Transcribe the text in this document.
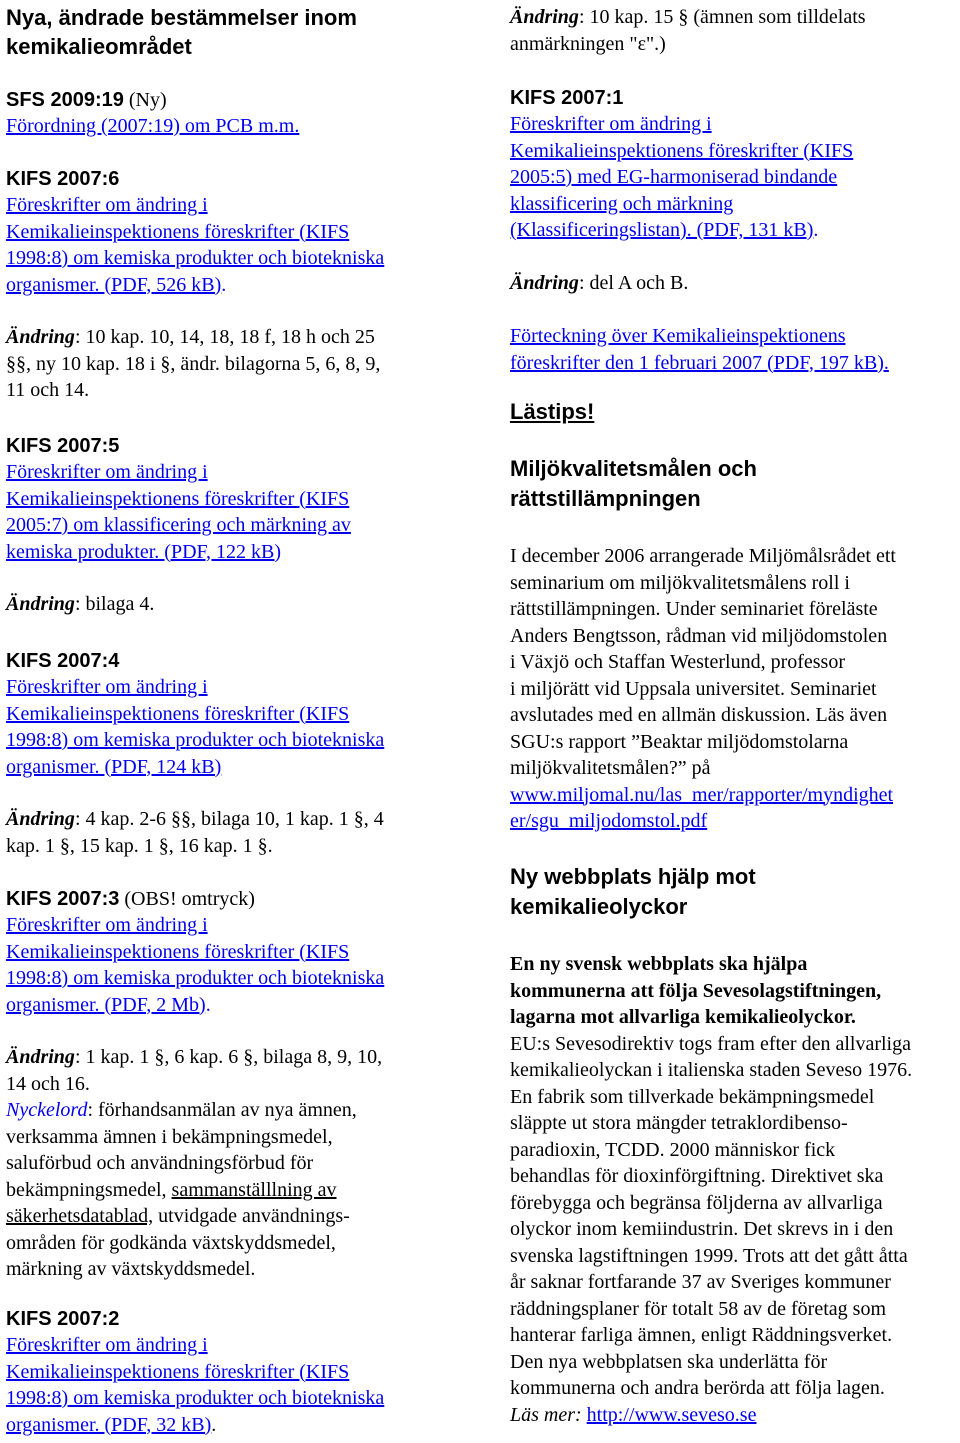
Nya, ändrade bestämmelser inom
kemikalieområdet
SFS 2009:19 (Ny)
Förordning (2007:19) om PCB m.m.
KIFS 2007:6
Föreskrifter om ändring i
Kemikalieinspektionens föreskrifter (KIFS
1998:8) om kemiska produkter och biotekniska
organismer. (PDF, 526 kB).
Ändring: 10 kap. 10, 14, 18, 18 f, 18 h och 25
§§, ny 10 kap. 18 i §, ändr. bilagorna 5, 6, 8, 9,
11 och 14.
KIFS 2007:5
Föreskrifter om ändring i
Kemikalieinspektionens föreskrifter (KIFS
2005:7) om klassificering och märkning av
kemiska produkter. (PDF, 122 kB)
Ändring: bilaga 4.
KIFS 2007:4
Föreskrifter om ändring i
Kemikalieinspektionens föreskrifter (KIFS
1998:8) om kemiska produkter och biotekniska
organismer. (PDF, 124 kB)
Ändring: 4 kap. 2-6 §§, bilaga 10, 1 kap. 1 §, 4
kap. 1 §, 15 kap. 1 §, 16 kap. 1 §.
KIFS 2007:3 (OBS! omtryck)
Föreskrifter om ändring i
Kemikalieinspektionens föreskrifter (KIFS
1998:8) om kemiska produkter och biotekniska
organismer. (PDF, 2 Mb).
Ändring: 1 kap. 1 §, 6 kap. 6 §, bilaga 8, 9, 10,
14 och 16.
Nyckelord: förhandsanmälan av nya ämnen,
verksamma ämnen i bekämpningsmedel,
saluförbud och användningsförbud för
bekämpningsmedel, sammanställlning av
säkerhetsdatablad, utvidgade användnings-
områden för godkända växtskyddsmedel,
märkning av växtskyddsmedel.
KIFS 2007:2
Föreskrifter om ändring i
Kemikalieinspektionens föreskrifter (KIFS
1998:8) om kemiska produkter och biotekniska
organismer. (PDF, 32 kB).
Ändring: 10 kap. 15 § (ämnen som tilldelats
anmärkningen "ε".)
KIFS 2007:1
Föreskrifter om ändring i
Kemikalieinspektionens föreskrifter (KIFS
2005:5) med EG-harmoniserad bindande
klassificering och märkning
(Klassificeringslistan). (PDF, 131 kB).
Ändring: del A och B.
Förteckning över Kemikalieinspektionens
föreskrifter den 1 februari 2007 (PDF, 197 kB).
Lästips!
Miljökvalitetsmålen och
rättstillämpningen
I december 2006 arrangerade Miljömålsrådet ett
seminarium om miljökvalitetsmålens roll i
rättstillämpningen. Under seminariet föreläste
Anders Bengtsson, rådman vid miljödomstolen
i Växjö och Staffan Westerlund, professor
i miljörätt vid Uppsala universitet. Seminariet
avslutades med en allmän diskussion. Läs även
SGU:s rapport ”Beaktar miljödomstolarna
miljökvalitetsmålen?” på
www.miljomal.nu/las_mer/rapporter/myndighet
er/sgu_miljodomstol.pdf
Ny webbplats hjälp mot
kemikalieolyckor
En ny svensk webbplats ska hjälpa
kommunerna att följa Sevesolagstiftningen,
lagarna mot allvarliga kemikalieolyckor.
EU:s Sevesodirektiv togs fram efter den allvarliga
kemikalieolyckan i italienska staden Seveso 1976.
En fabrik som tillverkade bekämpningsmedel
släppte ut stora mängder tetraklordibenso-
paradioxin, TCDD. 2000 människor fick
behandlas för dioxinförgiftning. Direktivet ska
förebygga och begränsa följderna av allvarliga
olyckor inom kemiindustrin. Det skrevs in i den
svenska lagstiftningen 1999. Trots att det gått åtta
år saknar fortfarande 37 av Sveriges kommuner
räddningsplaner för totalt 58 av de företag som
hanterar farliga ämnen, enligt Räddningsverket.
Den nya webbplatsen ska underlätta för
kommunerna och andra berörda att följa lagen.
Läs mer: http://www.seveso.se
